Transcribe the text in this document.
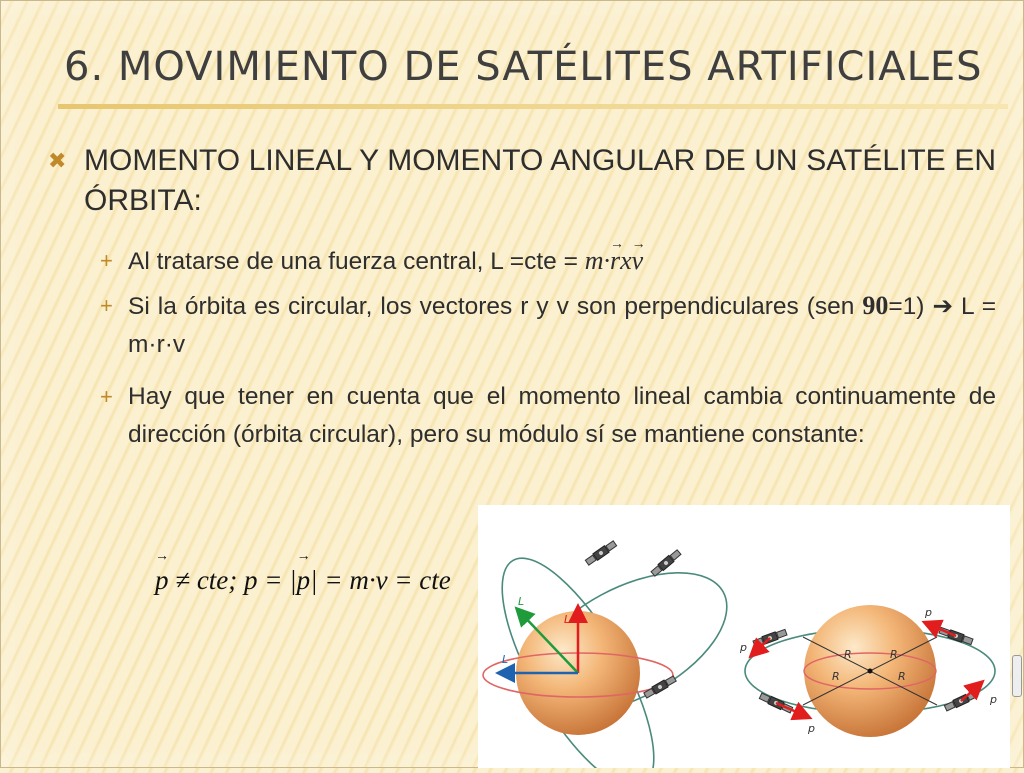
6. MOVIMIENTO DE SATÉLITES ARTIFICIALES
✖ MOMENTO LINEAL Y MOMENTO ANGULAR DE UN SATÉLITE EN ÓRBITA:
+ Al tratarse de una fuerza central, L =cte = m·→ rx→ v
+ Si la órbita es circular, los vectores r y v son perpendiculares (sen 90=1) ➔ L = m·r·v
+ Hay que tener en cuenta que el momento lineal cambia continuamente de dirección (órbita circular), pero su módulo sí se mantiene constante:
→ p ≠ cte; p = |→ p| = m·v = cte
L
L
L	R	R
R	R
p
p
p
p
